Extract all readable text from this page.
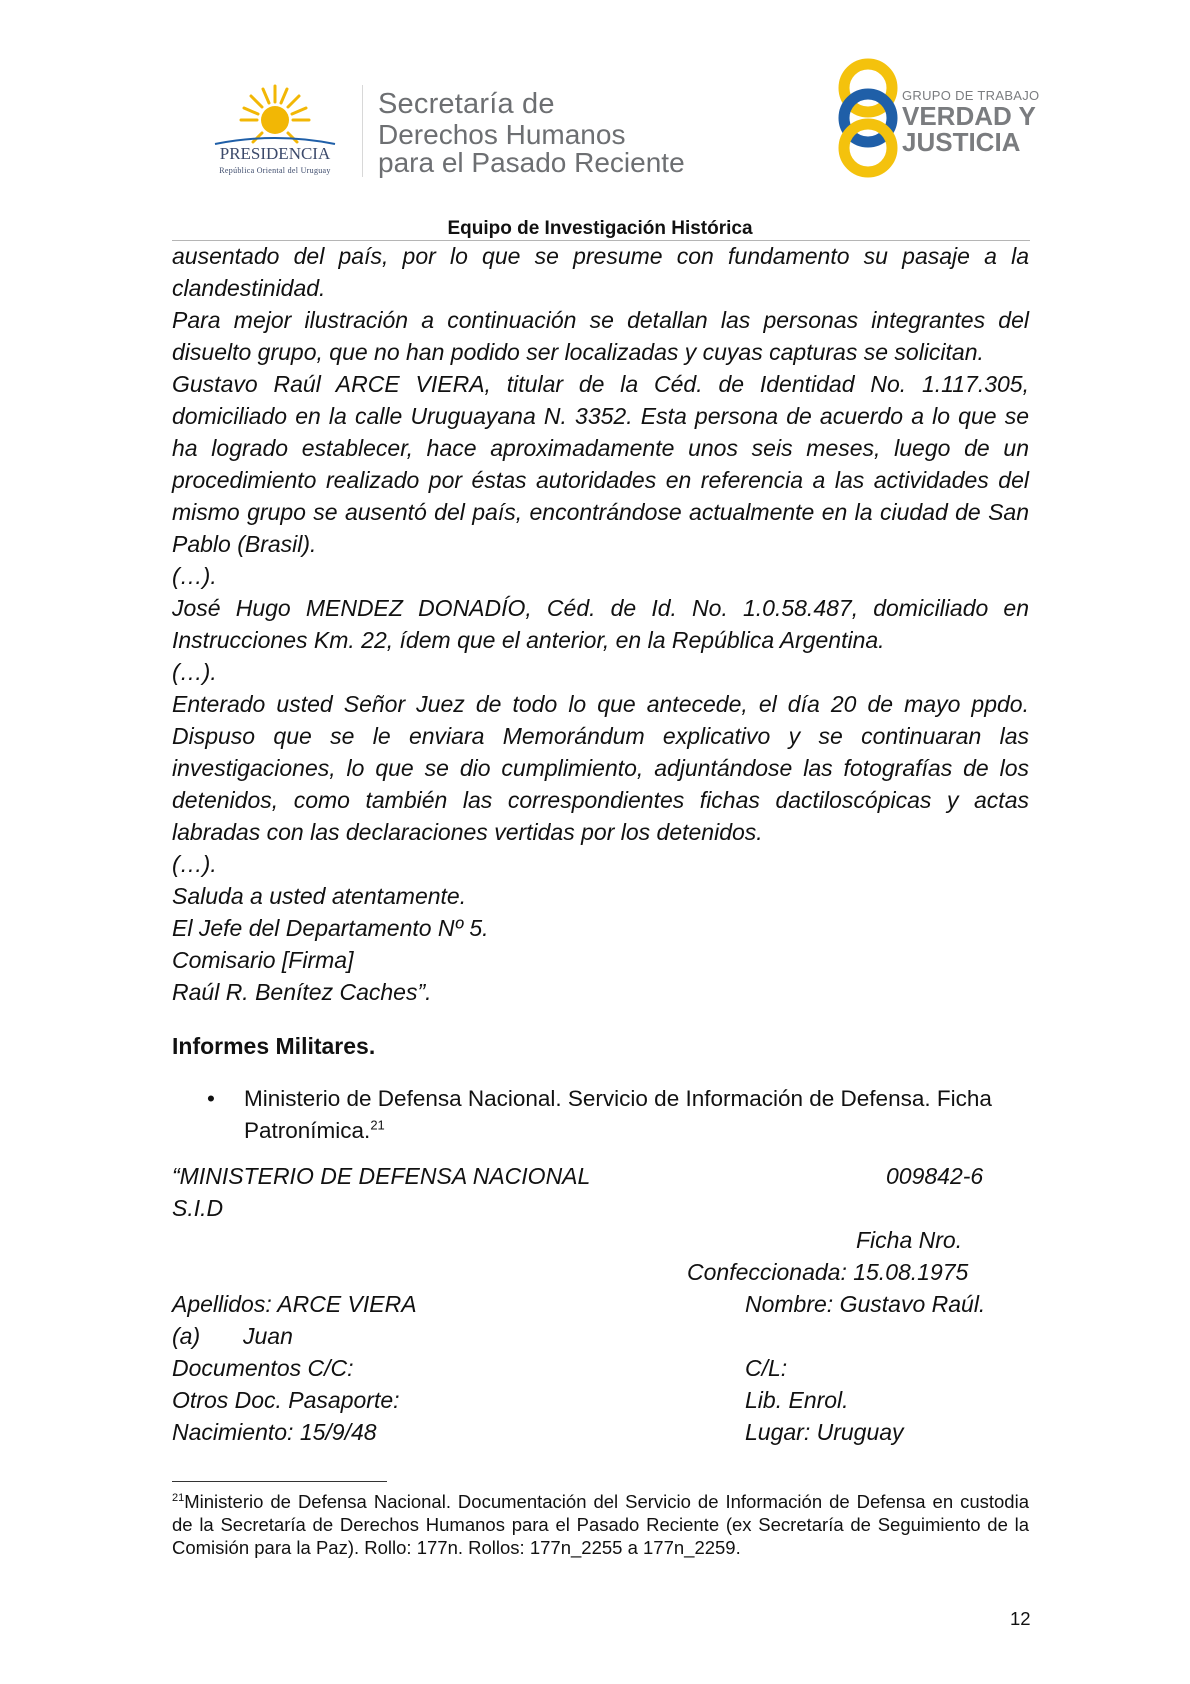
PRESIDENCIA
República Oriental del Uruguay
Secretaría de
Derechos Humanos
para el Pasado Reciente
GRUPO DE TRABAJO
VERDAD Y
JUSTICIA
Equipo de Investigación Histórica

ausentado del país, por lo que se presume con fundamento su pasaje a la clandestinidad.

Para mejor ilustración a continuación se detallan las personas integrantes del disuelto grupo, que no han podido ser localizadas y cuyas capturas se solicitan.

Gustavo Raúl ARCE VIERA, titular de la Céd. de Identidad No. 1.117.305, domiciliado en la calle Uruguayana N. 3352. Esta persona de acuerdo a lo que se ha logrado establecer, hace aproximadamente unos seis meses, luego de un procedimiento realizado por éstas autoridades en referencia a las actividades del mismo grupo se ausentó del país, encontrándose actualmente en la ciudad de San Pablo (Brasil).

(…).

José Hugo MENDEZ DONADÍO, Céd. de Id. No. 1.0.58.487, domiciliado en Instrucciones Km. 22, ídem que el anterior, en la República Argentina.

(…).

Enterado usted Señor Juez de todo lo que antecede, el día 20 de mayo ppdo. Dispuso que se le enviara Memorándum explicativo y se continuaran las investigaciones, lo que se dio cumplimiento, adjuntándose las fotografías de los detenidos, como también las correspondientes fichas dactiloscópicas y actas labradas con las declaraciones vertidas por los detenidos.

(…).

Saluda a usted atentamente.

El Jefe del Departamento Nº 5.

Comisario [Firma]

Raúl R. Benítez Caches”.

Informes Militares.
• Ministerio de Defensa Nacional. Servicio de Información de Defensa. Ficha Patronímica.$^{21}$
“MINISTERIO DE DEFENSA NACIONAL	009842-6
S.I.D
Ficha Nro.
Confeccionada: 15.08.1975
Apellidos: ARCE VIERA	Nombre: Gustavo Raúl.
(a) Juan
Documentos C/C:	C/L:
Otros Doc. Pasaporte:	Lib. Enrol.
Nacimiento: 15/9/48	Lugar: Uruguay
$^{21}$Ministerio de Defensa Nacional. Documentación del Servicio de Información de Defensa en custodia de la Secretaría de Derechos Humanos para el Pasado Reciente (ex Secretaría de Seguimiento de la Comisión para la Paz). Rollo: 177n. Rollos: 177n_2255 a 177n_2259.
12
